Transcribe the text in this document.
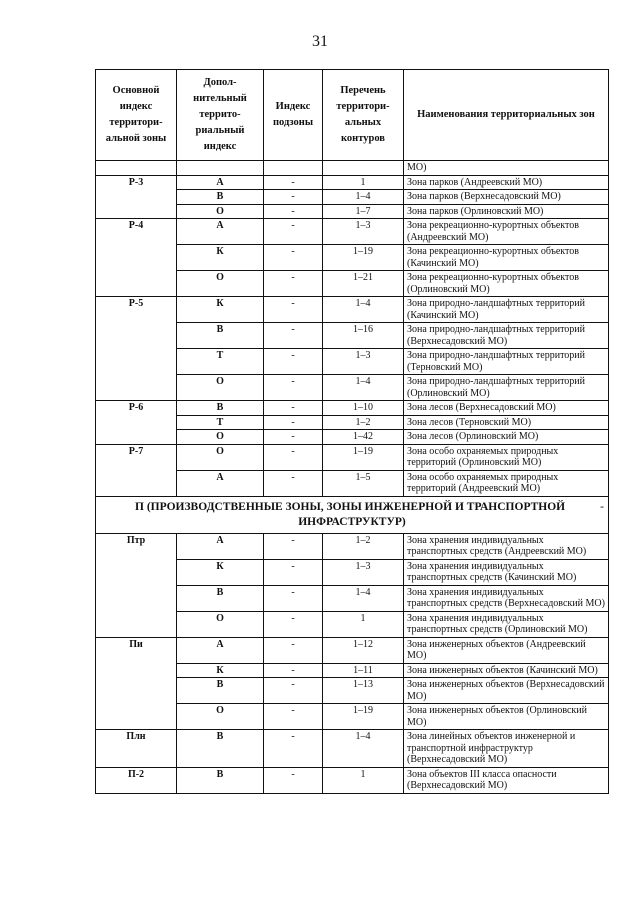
31
Основной индекс территори-альной зоны	Допол-нительный террито-риальный индекс	Индекс подзоны	Перечень территори-альных контуров	Наименования территориальных зон
				МО)
Р-3	А	-	1	Зона парков (Андреевский МО)
	В	-	1–4	Зона парков (Верхнесадовский МО)
	О	-	1–7	Зона парков (Орлиновский МО)
Р-4	А	-	1–3	Зона рекреационно-курортных объектов (Андреевский МО)
	К	-	1–19	Зона рекреационно-курортных объектов (Качинский МО)
	О	-	1–21	Зона рекреационно-курортных объектов (Орлиновский МО)
Р-5	К	-	1–4	Зона природно-ландшафтных территорий (Качинский МО)
	В	-	1–16	Зона природно-ландшафтных территорий (Верхнесадовский МО)
	Т	-	1–3	Зона природно-ландшафтных территорий (Терновский МО)
	О	-	1–4	Зона природно-ландшафтных территорий (Орлиновский МО)
Р-6	В	-	1–10	Зона лесов (Верхнесадовский МО)
	Т	-	1–2	Зона лесов (Терновский МО)
	О	-	1–42	Зона лесов (Орлиновский МО)
Р-7	О	-	1–19	Зона особо охраняемых природных территорий (Орлиновский МО)
	А	-	1–5	Зона особо охраняемых природных территорий (Андреевский МО)

-
П (ПРОИЗВОДСТВЕННЫЕ ЗОНЫ, ЗОНЫ ИНЖЕНЕРНОЙ И ТРАНСПОРТНОЙ ИНФРАСТРУКТУР)				
Птр	А	-	1–2	Зона хранения индивидуальных транспортных средств (Андреевский МО)
	К	-	1–3	Зона хранения индивидуальных транспортных средств (Качинский МО)
	В	-	1–4	Зона хранения индивидуальных транспортных средств (Верхнесадовский МО)
	О	-	1	Зона хранения индивидуальных транспортных средств (Орлиновский МО)
Пи	А	-	1–12	Зона инженерных объектов (Андреевский МО)
	К	-	1–11	Зона инженерных объектов (Качинский МО)
	В	-	1–13	Зона инженерных объектов (Верхнесадовский МО)
	О	-	1–19	Зона инженерных объектов (Орлиновский МО)
Плн	В	-	1–4	Зона линейных объектов инженерной и транспортной инфраструктур (Верхнесадовский МО)
П-2	В	-	1	Зона объектов III класса опасности (Верхнесадовский МО)
